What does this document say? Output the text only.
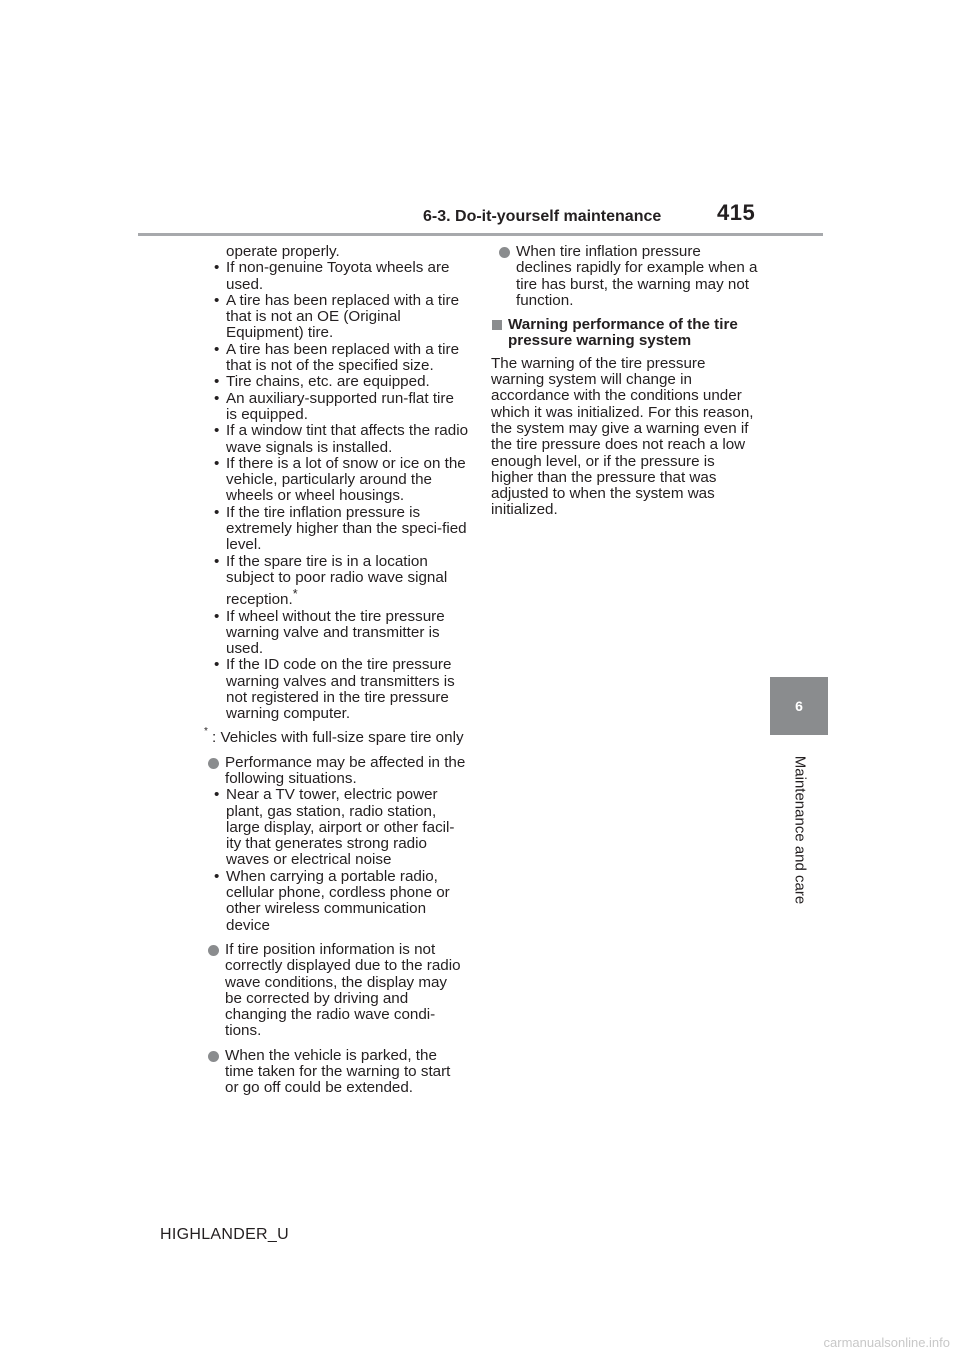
6-3. Do-it-yourself maintenance	415
6
Maintenance and care
operate properly.
• If non-genuine Toyota wheels are used.
• A tire has been replaced with a tire that is not an OE (Original Equipment) tire.
• A tire has been replaced with a tire that is not of the specified size.
• Tire chains, etc. are equipped.
• An auxiliary-supported run-flat tire is equipped.
• If a window tint that affects the radio wave signals is installed.
• If there is a lot of snow or ice on the vehicle, particularly around the wheels or wheel housings.
• If the tire inflation pressure is extremely higher than the speci-fied level.
• If the spare tire is in a location subject to poor radio wave signal reception.*
• If wheel without the tire pressure warning valve and transmitter is used.
• If the ID code on the tire pressure warning valves and transmitters is not registered in the tire pressure warning computer.
* : Vehicles with full-size spare tire only
Performance may be affected in the following situations.
• Near a TV tower, electric power plant, gas station, radio station, large display, airport or other facil-ity that generates strong radio waves or electrical noise
• When carrying a portable radio, cellular phone, cordless phone or other wireless communication device
If tire position information is not correctly displayed due to the radio wave conditions, the display may be corrected by driving and changing the radio wave condi-tions.
When the vehicle is parked, the time taken for the warning to start or go off could be extended.
When tire inflation pressure declines rapidly for example when a tire has burst, the warning may not function.
Warning performance of the tire pressure warning system
The warning of the tire pressure warning system will change in accordance with the conditions under which it was initialized. For this reason, the system may give a warning even if the tire pressure does not reach a low enough level, or if the pressure is higher than the pressure that was adjusted to when the system was initialized.
HIGHLANDER_U
carmanualsonline.info
